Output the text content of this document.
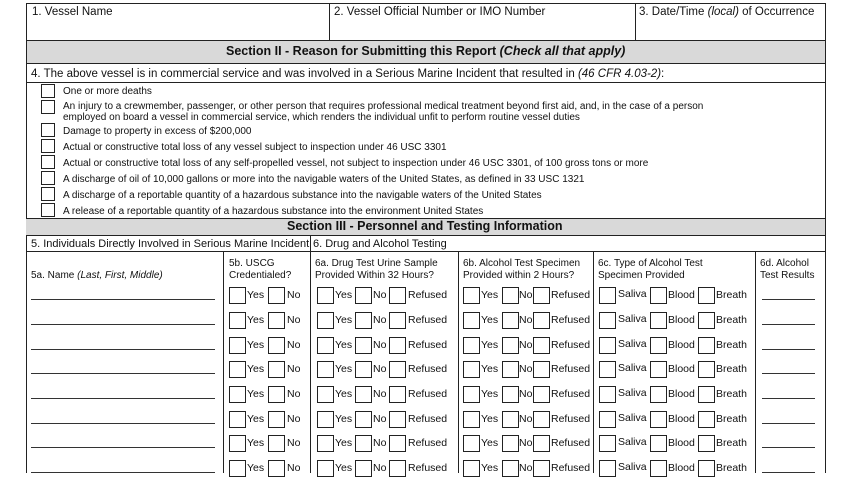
1. Vessel Name	2. Vessel Official Number or IMO Number	3. Date/Time (local) of Occurrence
Section II - Reason for Submitting this Report (Check all that apply)
4. The above vessel is in commercial service and was involved in a Serious Marine Incident that resulted in (46 CFR 4.03-2):
One or more deaths
An injury to a crewmember, passenger, or other person that requires professional medical treatment beyond first aid, and, in the case of a person
employed on board a vessel in commercial service, which renders the individual unfit to perform routine vessel duties
Damage to property in excess of $200,000
Actual or constructive total loss of any vessel subject to inspection under 46 USC 3301
Actual or constructive total loss of any self-propelled vessel, not subject to inspection under 46 USC 3301, of 100 gross tons or more
A discharge of oil of 10,000 gallons or more into the navigable waters of the United States, as defined in 33 USC 1321
A discharge of a reportable quantity of a hazardous substance into the navigable waters of the United States
A release of a reportable quantity of a hazardous substance into the environment United States
Section III - Personnel and Testing Information
5. Individuals Directly Involved in Serious Marine Incident 6. Drug and Alcohol Testing
5a. Name (Last, First, Middle)
5b. USCG
Credentialed?
6a. Drug Test Urine Sample
Provided Within 32 Hours?
6b. Alcohol Test Specimen
Provided within 2 Hours?
6c. Type of Alcohol Test
Specimen Provided
6d. Alcohol
Test Results
Yes No	Yes No Refused	Yes No Refused	Saliva Blood Breath
Yes No	Yes No Refused	Yes No Refused	Saliva Blood Breath
Yes No	Yes No Refused	Yes No Refused	Saliva Blood Breath
Yes No	Yes No Refused	Yes No Refused	Saliva Blood Breath
Yes No	Yes No Refused	Yes No Refused	Saliva Blood Breath
Yes No	Yes No Refused	Yes No Refused	Saliva Blood Breath
Yes No	Yes No Refused	Yes No Refused	Saliva Blood Breath
Yes No	Yes No Refused	Yes No Refused	Saliva Blood Breath
